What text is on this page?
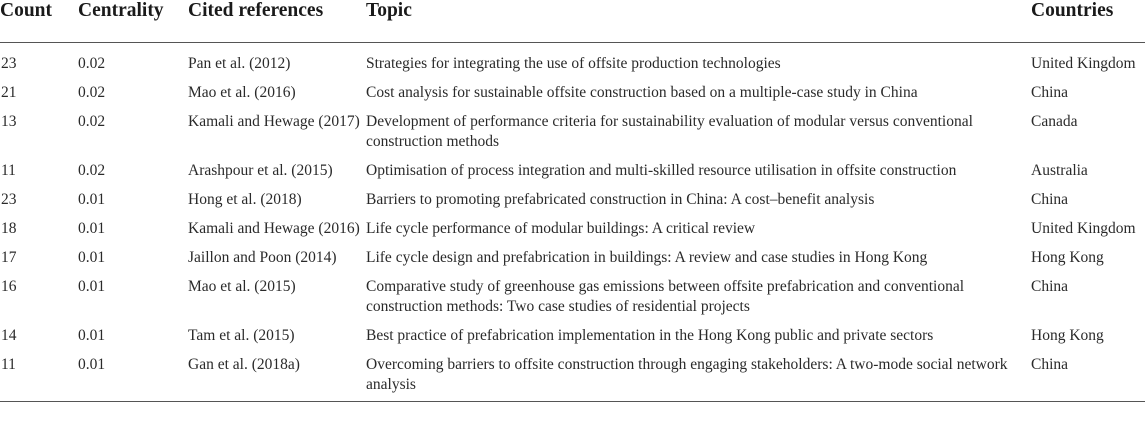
Count	Centrality	Cited references	Topic	Countries
23	0.02	Pan et al. (2012)	Strategies for integrating the use of offsite production technologies	United Kingdom
21	0.02	Mao et al. (2016)	Cost analysis for sustainable offsite construction based on a multiple-case study in China	China
13	0.02	Kamali and Hewage (2017)	Development of performance criteria for sustainability evaluation of modular versus conventional construction methods	Canada
11	0.02	Arashpour et al. (2015)	Optimisation of process integration and multi-skilled resource utilisation in offsite construction	Australia
23	0.01	Hong et al. (2018)	Barriers to promoting prefabricated construction in China: A cost–benefit analysis	China
18	0.01	Kamali and Hewage (2016)	Life cycle performance of modular buildings: A critical review	United Kingdom
17	0.01	Jaillon and Poon (2014)	Life cycle design and prefabrication in buildings: A review and case studies in Hong Kong	Hong Kong
16	0.01	Mao et al. (2015)	Comparative study of greenhouse gas emissions between offsite prefabrication and conventional construction methods: Two case studies of residential projects	China
14	0.01	Tam et al. (2015)	Best practice of prefabrication implementation in the Hong Kong public and private sectors	Hong Kong
11	0.01	Gan et al. (2018a)	Overcoming barriers to offsite construction through engaging stakeholders: A two-mode social network analysis	China
